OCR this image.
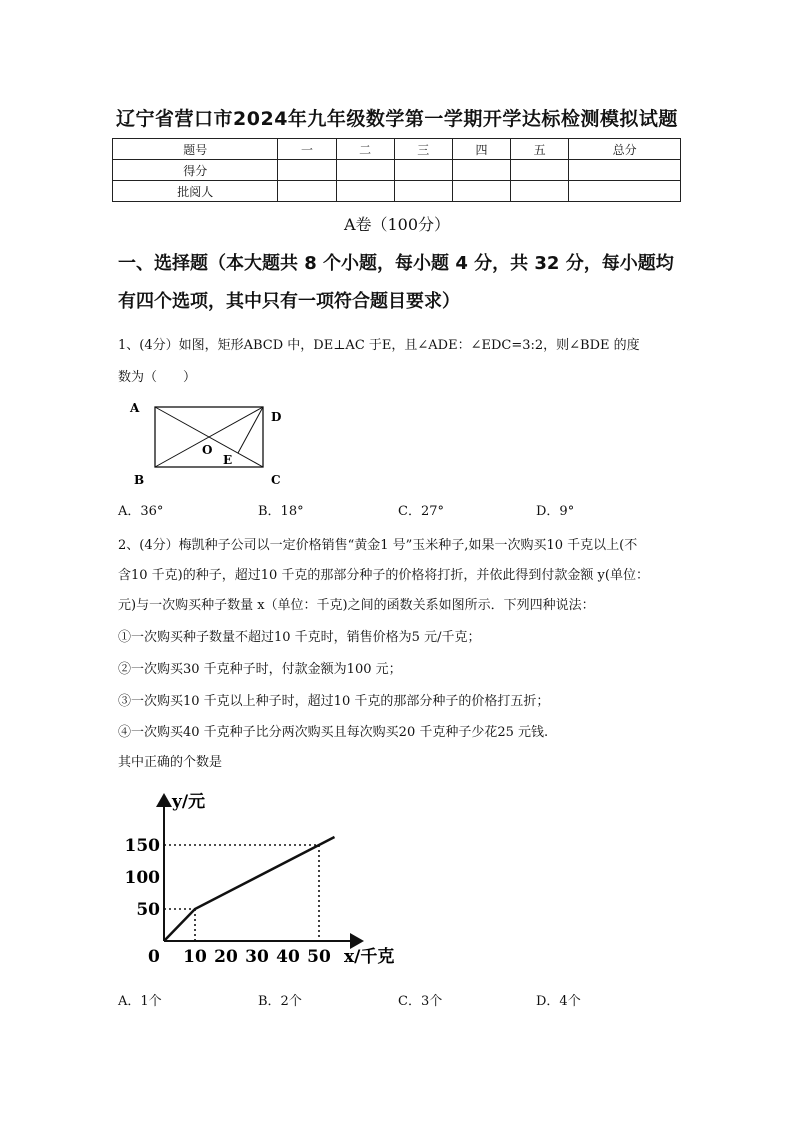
辽宁省营口市2024年九年级数学第一学期开学达标检测模拟试题
题号	一	二	三	四	五	总分
得分						
批阅人						
A卷（100分）
一、选择题（本大题共 8 个小题，每小题 4 分，共 32 分，每小题均
有四个选项，其中只有一项符合题目要求）
1、(4分）如图，矩形ABCD 中，DE⊥AC 于E，且∠ADE：∠EDC=3:2，则∠BDE 的度
数为（　　）
A
D
B	C
O
E
A．36°	B．18°	C．27°	D．9°
2、(4分）梅凯种子公司以一定价格销售“黄金1 号”玉米种子,如果一次购买10 千克以上(不
含10 千克)的种子，超过10 千克的那部分种子的价格将打折，并依此得到付款金额 y(单位：
元)与一次购买种子数量 x（单位：千克)之间的函数关系如图所示．下列四种说法：
①一次购买种子数量不超过10 千克时，销售价格为5 元/千克；
②一次购买30 千克种子时，付款金额为100 元；
③一次购买10 千克以上种子时，超过10 千克的那部分种子的价格打五折；
④一次购买40 千克种子比分两次购买且每次购买20 千克种子少花25 元钱.
其中正确的个数是
y/元
x/千克
0 10 20 30 40 50
50
100
150
A．1个	B．2个	C．3个	D．4个
